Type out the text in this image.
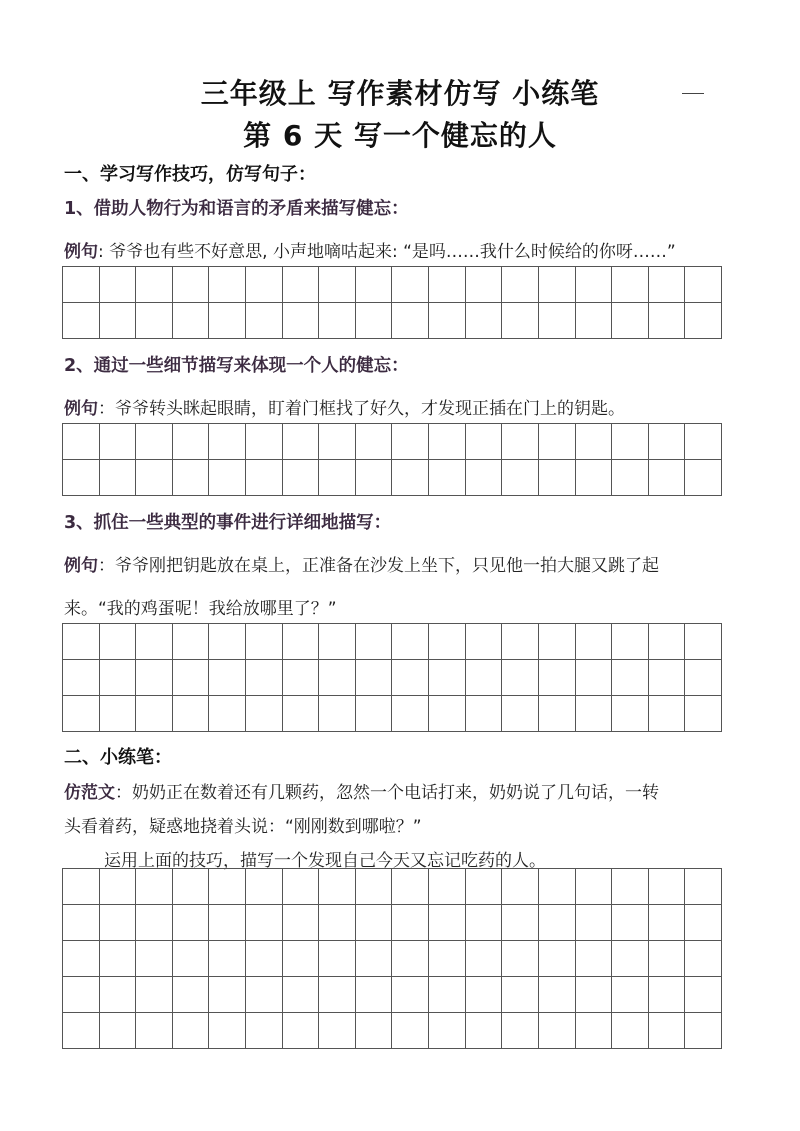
三年级上 写作素材仿写 小练笔
第 6 天 写一个健忘的人
一、学习写作技巧，仿写句子：
1、借助人物行为和语言的矛盾来描写健忘：
例句: 爷爷也有些不好意思, 小声地嘀咕起来: “是吗……我什么时候给的你呀……”
2、通过一些细节描写来体现一个人的健忘：
例句：爷爷转头眯起眼睛，盯着门框找了好久，才发现正插在门上的钥匙。
3、抓住一些典型的事件进行详细地描写：
例句：爷爷刚把钥匙放在桌上，正准备在沙发上坐下，只见他一拍大腿又跳了起
来。“我的鸡蛋呢！我给放哪里了？”
二、小练笔：
仿范文：奶奶正在数着还有几颗药，忽然一个电话打来，奶奶说了几句话，一转
头看着药，疑惑地挠着头说：“刚刚数到哪啦？”
运用上面的技巧，描写一个发现自己今天又忘记吃药的人。
